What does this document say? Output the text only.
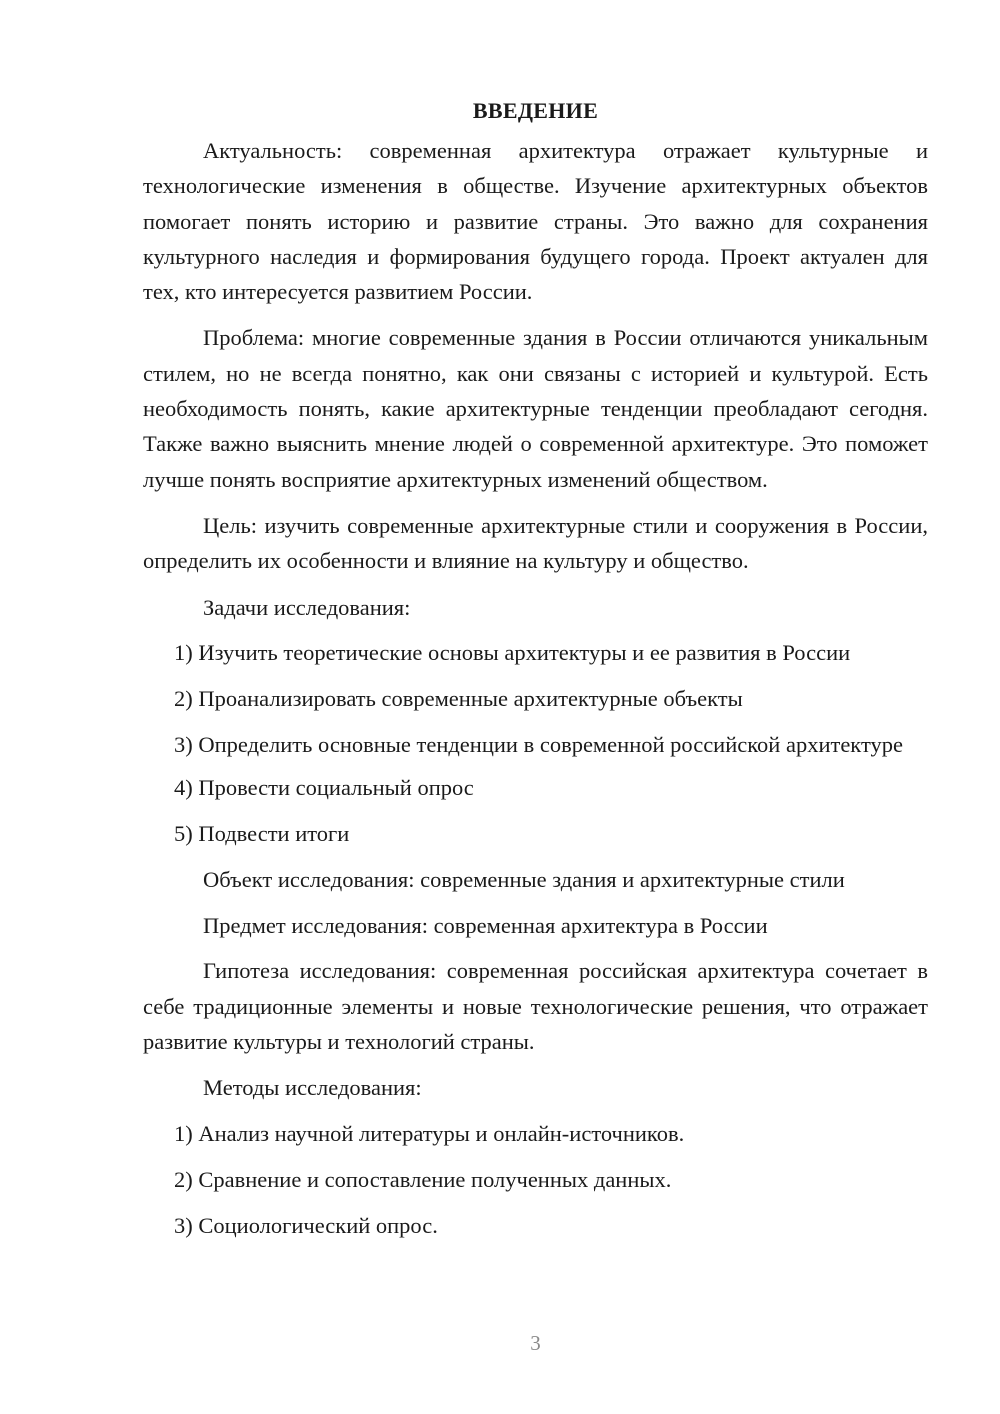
ВВЕДЕНИЕ

Актуальность: современная архитектура отражает культурные и технологические изменения в обществе. Изучение архитектурных объектов помогает понять историю и развитие страны. Это важно для сохранения культурного наследия и формирования будущего города. Проект актуален для тех, кто интересуется развитием России.

Проблема: многие современные здания в России отличаются уникальным стилем, но не всегда понятно, как они связаны с историей и культурой. Есть необходимость понять, какие архитектурные тенденции преобладают сегодня. Также важно выяснить мнение людей о современной архитектуре. Это поможет лучше понять восприятие архитектурных изменений обществом.

Цель: изучить современные архитектурные стили и сооружения в России, определить их особенности и влияние на культуру и общество.

Задачи исследования:
1) Изучить теоретические основы архитектуры и ее развития в России
2) Проанализировать современные архитектурные объекты
3) Определить основные тенденции в современной российской архитектуре
4) Провести социальный опрос
5) Подвести итоги
Объект исследования: современные здания и архитектурные стили
Предмет исследования: современная архитектура в России

Гипотеза исследования: современная российская архитектура сочетает в себе традиционные элементы и новые технологические решения, что отражает развитие культуры и технологий страны.

Методы исследования:
1) Анализ научной литературы и онлайн-источников.
2) Сравнение и сопоставление полученных данных.
3) Социологический опрос.
3
